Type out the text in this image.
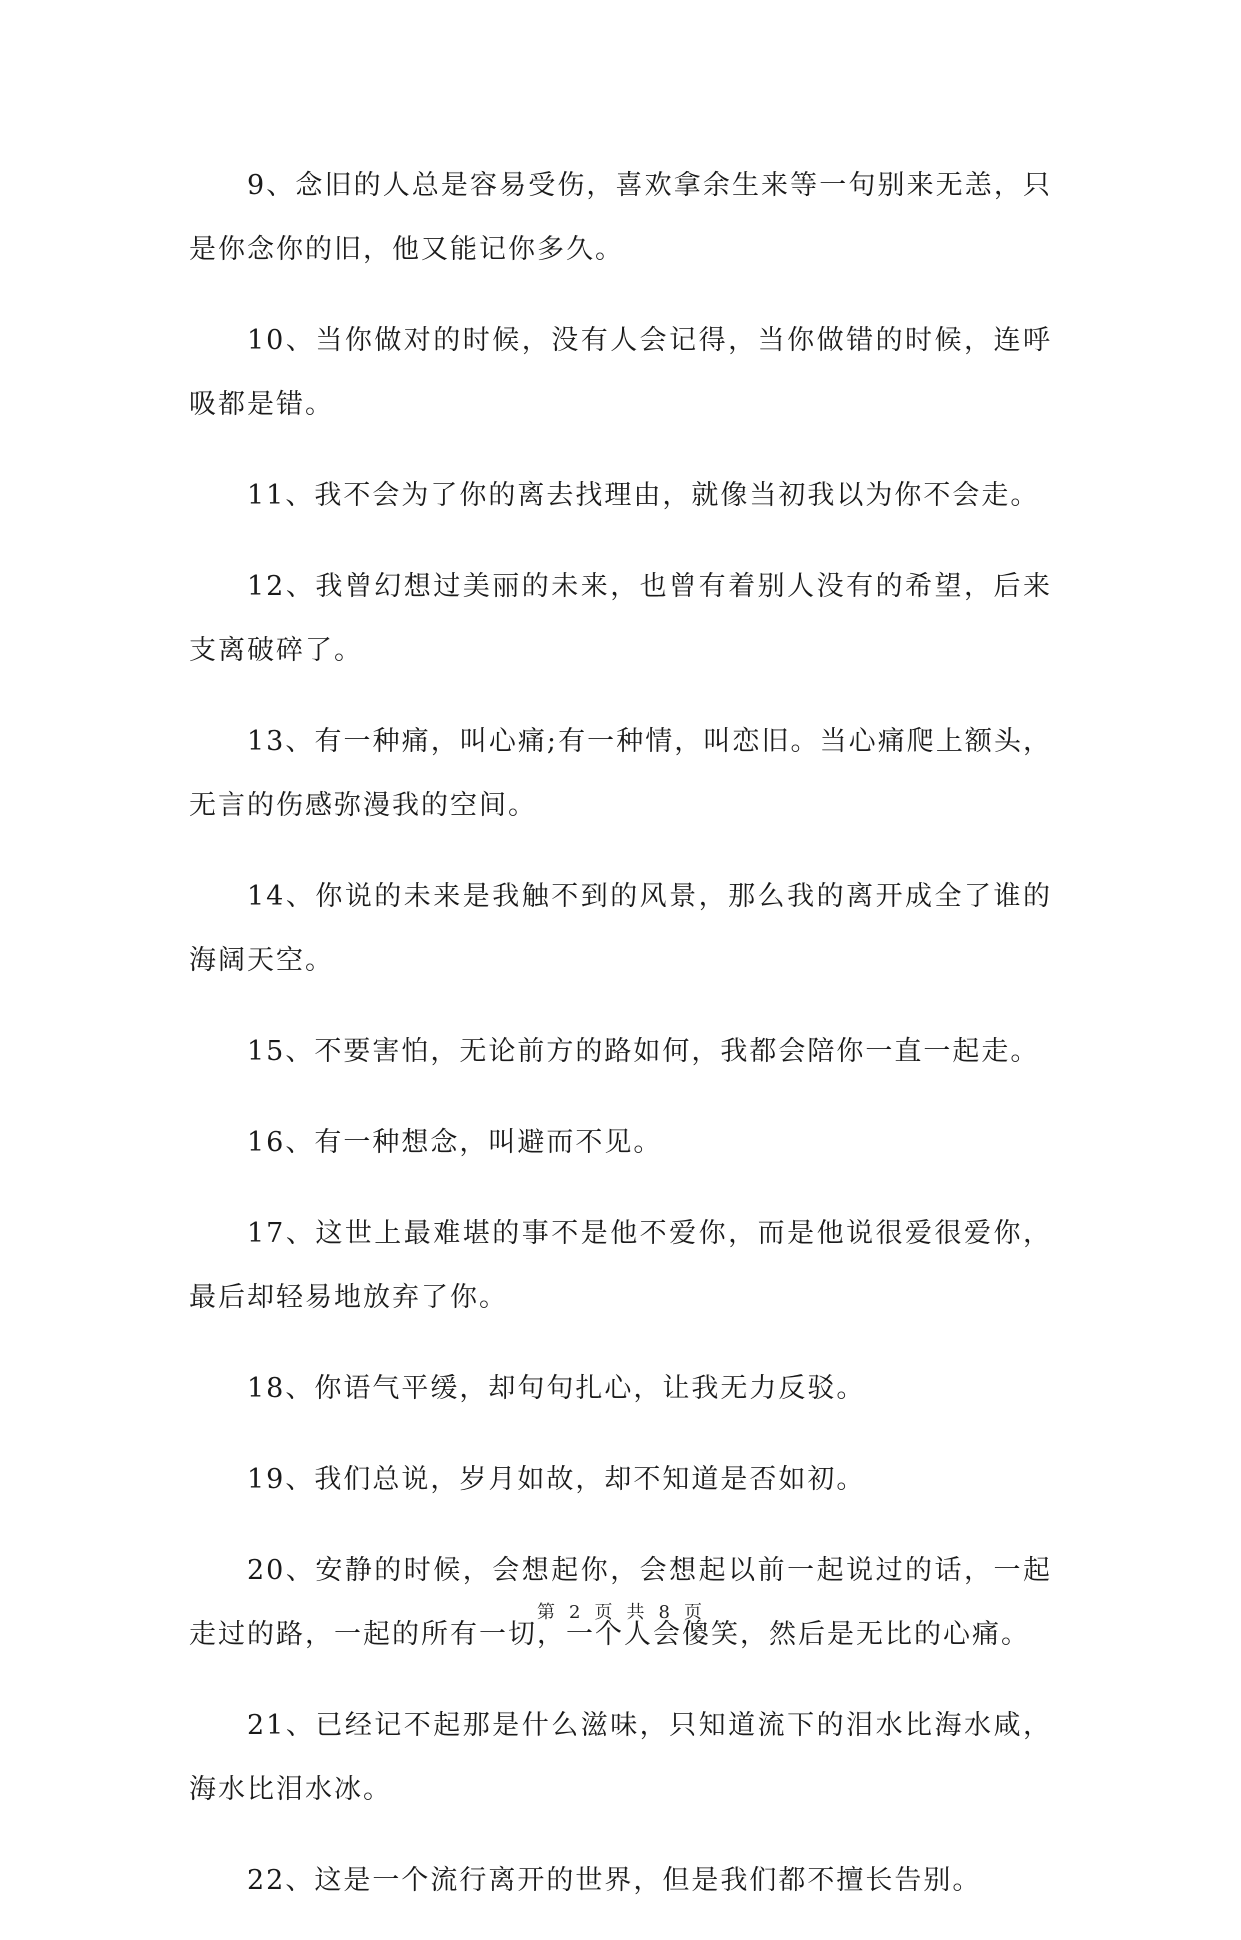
9、念旧的人总是容易受伤，喜欢拿余生来等一句别来无恙，只是你念你的旧，他又能记你多久。

10、当你做对的时候，没有人会记得，当你做错的时候，连呼吸都是错。

11、我不会为了你的离去找理由，就像当初我以为你不会走。

12、我曾幻想过美丽的未来，也曾有着别人没有的希望，后来支离破碎了。

13、有一种痛，叫心痛;有一种情，叫恋旧。当心痛爬上额头，无言的伤感弥漫我的空间。

14、你说的未来是我触不到的风景，那么我的离开成全了谁的海阔天空。

15、不要害怕，无论前方的路如何，我都会陪你一直一起走。

16、有一种想念，叫避而不见。

17、这世上最难堪的事不是他不爱你，而是他说很爱很爱你，最后却轻易地放弃了你。

18、你语气平缓，却句句扎心，让我无力反驳。

19、我们总说，岁月如故，却不知道是否如初。

20、安静的时候，会想起你，会想起以前一起说过的话，一起走过的路，一起的所有一切，一个人会傻笑，然后是无比的心痛。

21、已经记不起那是什么滋味，只知道流下的泪水比海水咸，海水比泪水冰。

22、这是一个流行离开的世界，但是我们都不擅长告别。

第 2 页 共 8 页
